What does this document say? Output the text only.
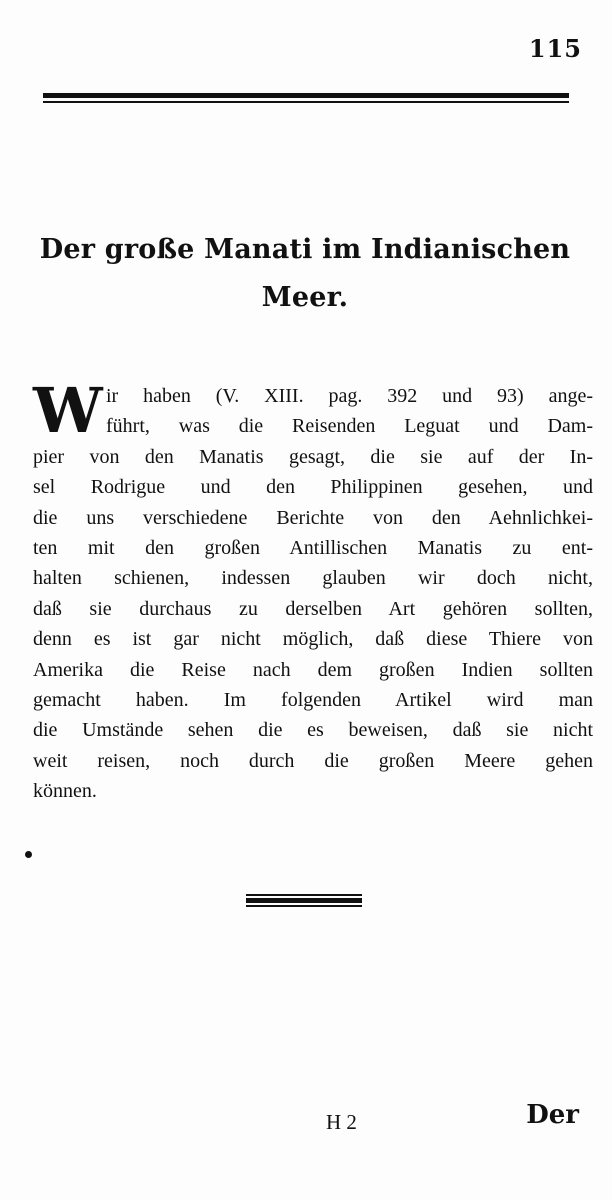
115
Der große Manati im Indianischen
Meer.
W ir haben (V. XIII. pag. 392 und 93) ange-
führt, was die Reisenden Leguat und Dam-
pier von den Manatis gesagt, die sie auf der In-
sel Rodrigue und den Philippinen gesehen, und
die uns verschiedene Berichte von den Aehnlichkei-
ten mit den großen Antillischen Manatis zu ent-
halten schienen, indessen glauben wir doch nicht,
daß sie durchaus zu derselben Art gehören sollten,
denn es ist gar nicht möglich, daß diese Thiere von
Amerika die Reise nach dem großen Indien sollten
gemacht haben. Im folgenden Artikel wird man
die Umstände sehen die es beweisen, daß sie nicht
weit reisen, noch durch die großen Meere gehen
können.
H 2	Der
